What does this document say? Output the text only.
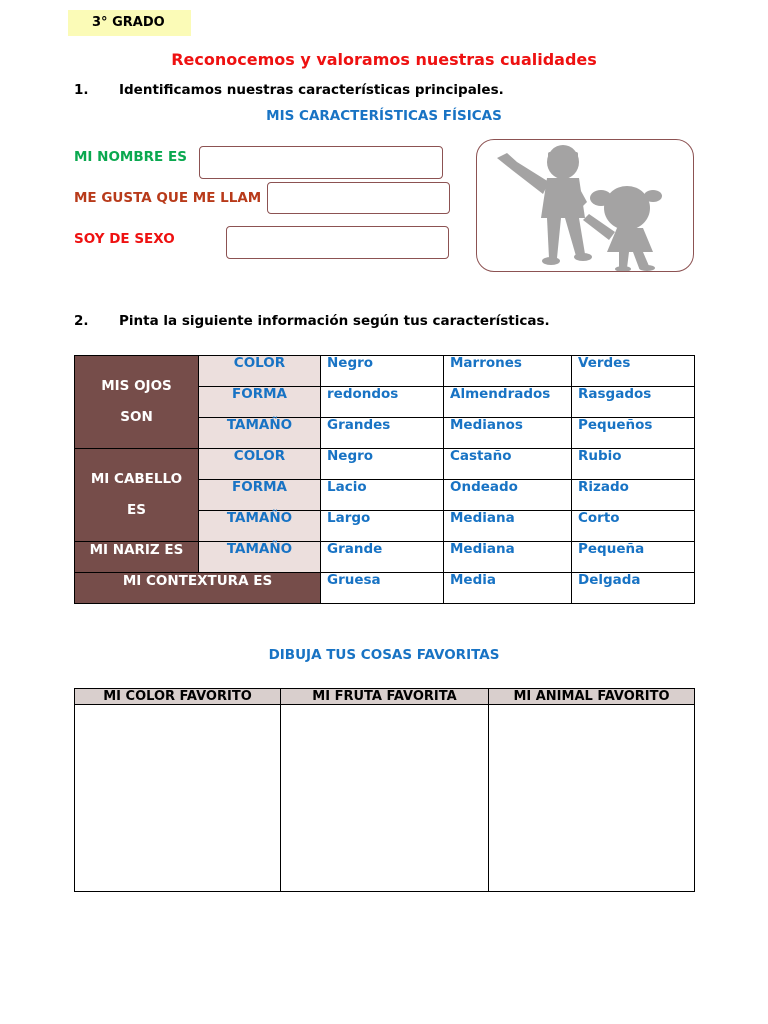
3° GRADO
Reconocemos y valoramos nuestras cualidades
1. Identificamos nuestras características principales.
MIS CARACTERÍSTICAS FÍSICAS
MI NOMBRE ES
ME GUSTA QUE ME LLAM
SOY DE SEXO
2. Pinta la siguiente información según tus características.
MIS OJOS SON	COLOR	Negro	Marrones	Verdes
	FORMA	redondos	Almendrados	Rasgados
	TAMAÑO	Grandes	Medianos	Pequeños
MI CABELLO ES	COLOR	Negro	Castaño	Rubio
	FORMA	Lacio	Ondeado	Rizado
	TAMAÑO	Largo	Mediana	Corto
MI NARIZ ES	TAMAÑO	Grande	Mediana	Pequeña
MI CONTEXTURA ES		Gruesa	Media	Delgada
DIBUJA TUS COSAS FAVORITAS
MI COLOR FAVORITO	MI FRUTA FAVORITA	MI ANIMAL FAVORITO
